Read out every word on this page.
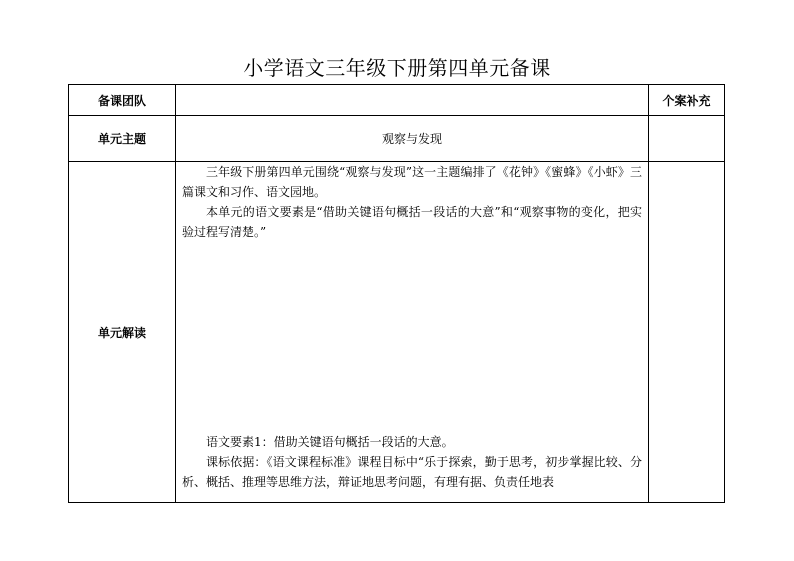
小学语文三年级下册第四单元备课
备课团队		个案补充
单元主题	观察与发现	
单元解读	三年级下册第四单元围绕“观察与发现”这一主题编排了《花钟》《蜜蜂》《小虾》三篇课文和习作、语文园地。

本单元的语文要素是“借助关键语句概括一段话的大意”和“观察事物的变化，把实验过程写清楚。”

语文要素1：借助关键语句概括一段话的大意。

课标依据：《语文课程标准》课程目标中“乐于探索，勤于思考，初步掌握比较、分析、概括、推理等思维方法，辩证地思考问题，有理有据、负责任地表	
